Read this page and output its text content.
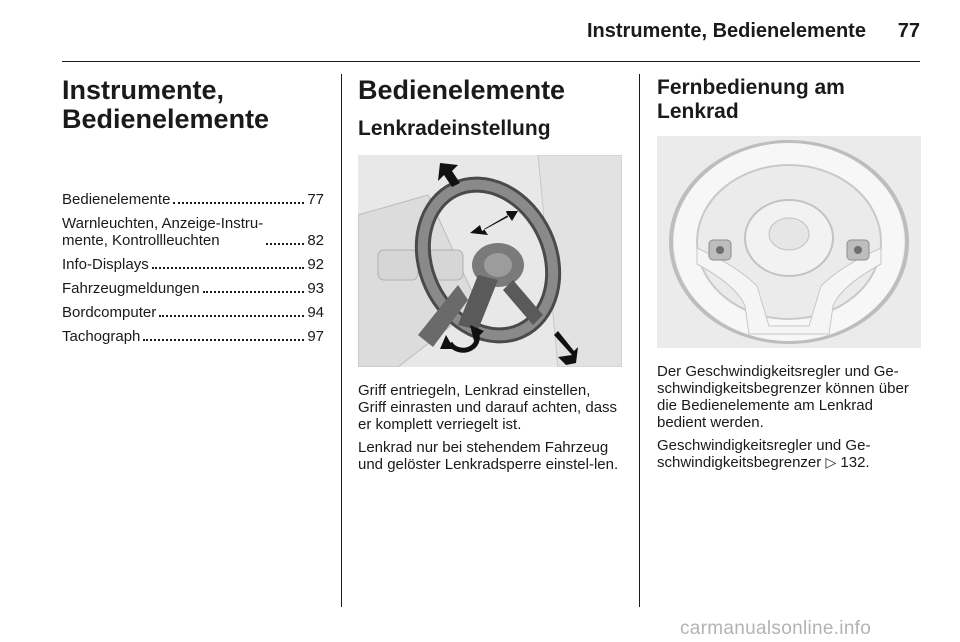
Instrumente, Bedienelemente	77
Instrumente,
Bedienelemente
Bedienelemente	77
Warnleuchten, Anzeige-Instru-
mente, Kontrollleuchten	82
Info-Displays	92
Fahrzeugmeldungen	93
Bordcomputer	94
Tachograph	97
Bedienelemente
Lenkradeinstellung

Griff entriegeln, Lenkrad einstellen, Griff einrasten und darauf achten, dass er komplett verriegelt ist.

Lenkrad nur bei stehendem Fahrzeug und gelöster Lenkradsperre einstel-len.

Fernbedienung am
Lenkrad

Der Geschwindigkeitsregler und Ge-schwindigkeitsbegrenzer können über die Bedienelemente am Lenkrad bedient werden.

Geschwindigkeitsregler und Ge-schwindigkeitsbegrenzer ▷ 132.

carmanualsonline.info
